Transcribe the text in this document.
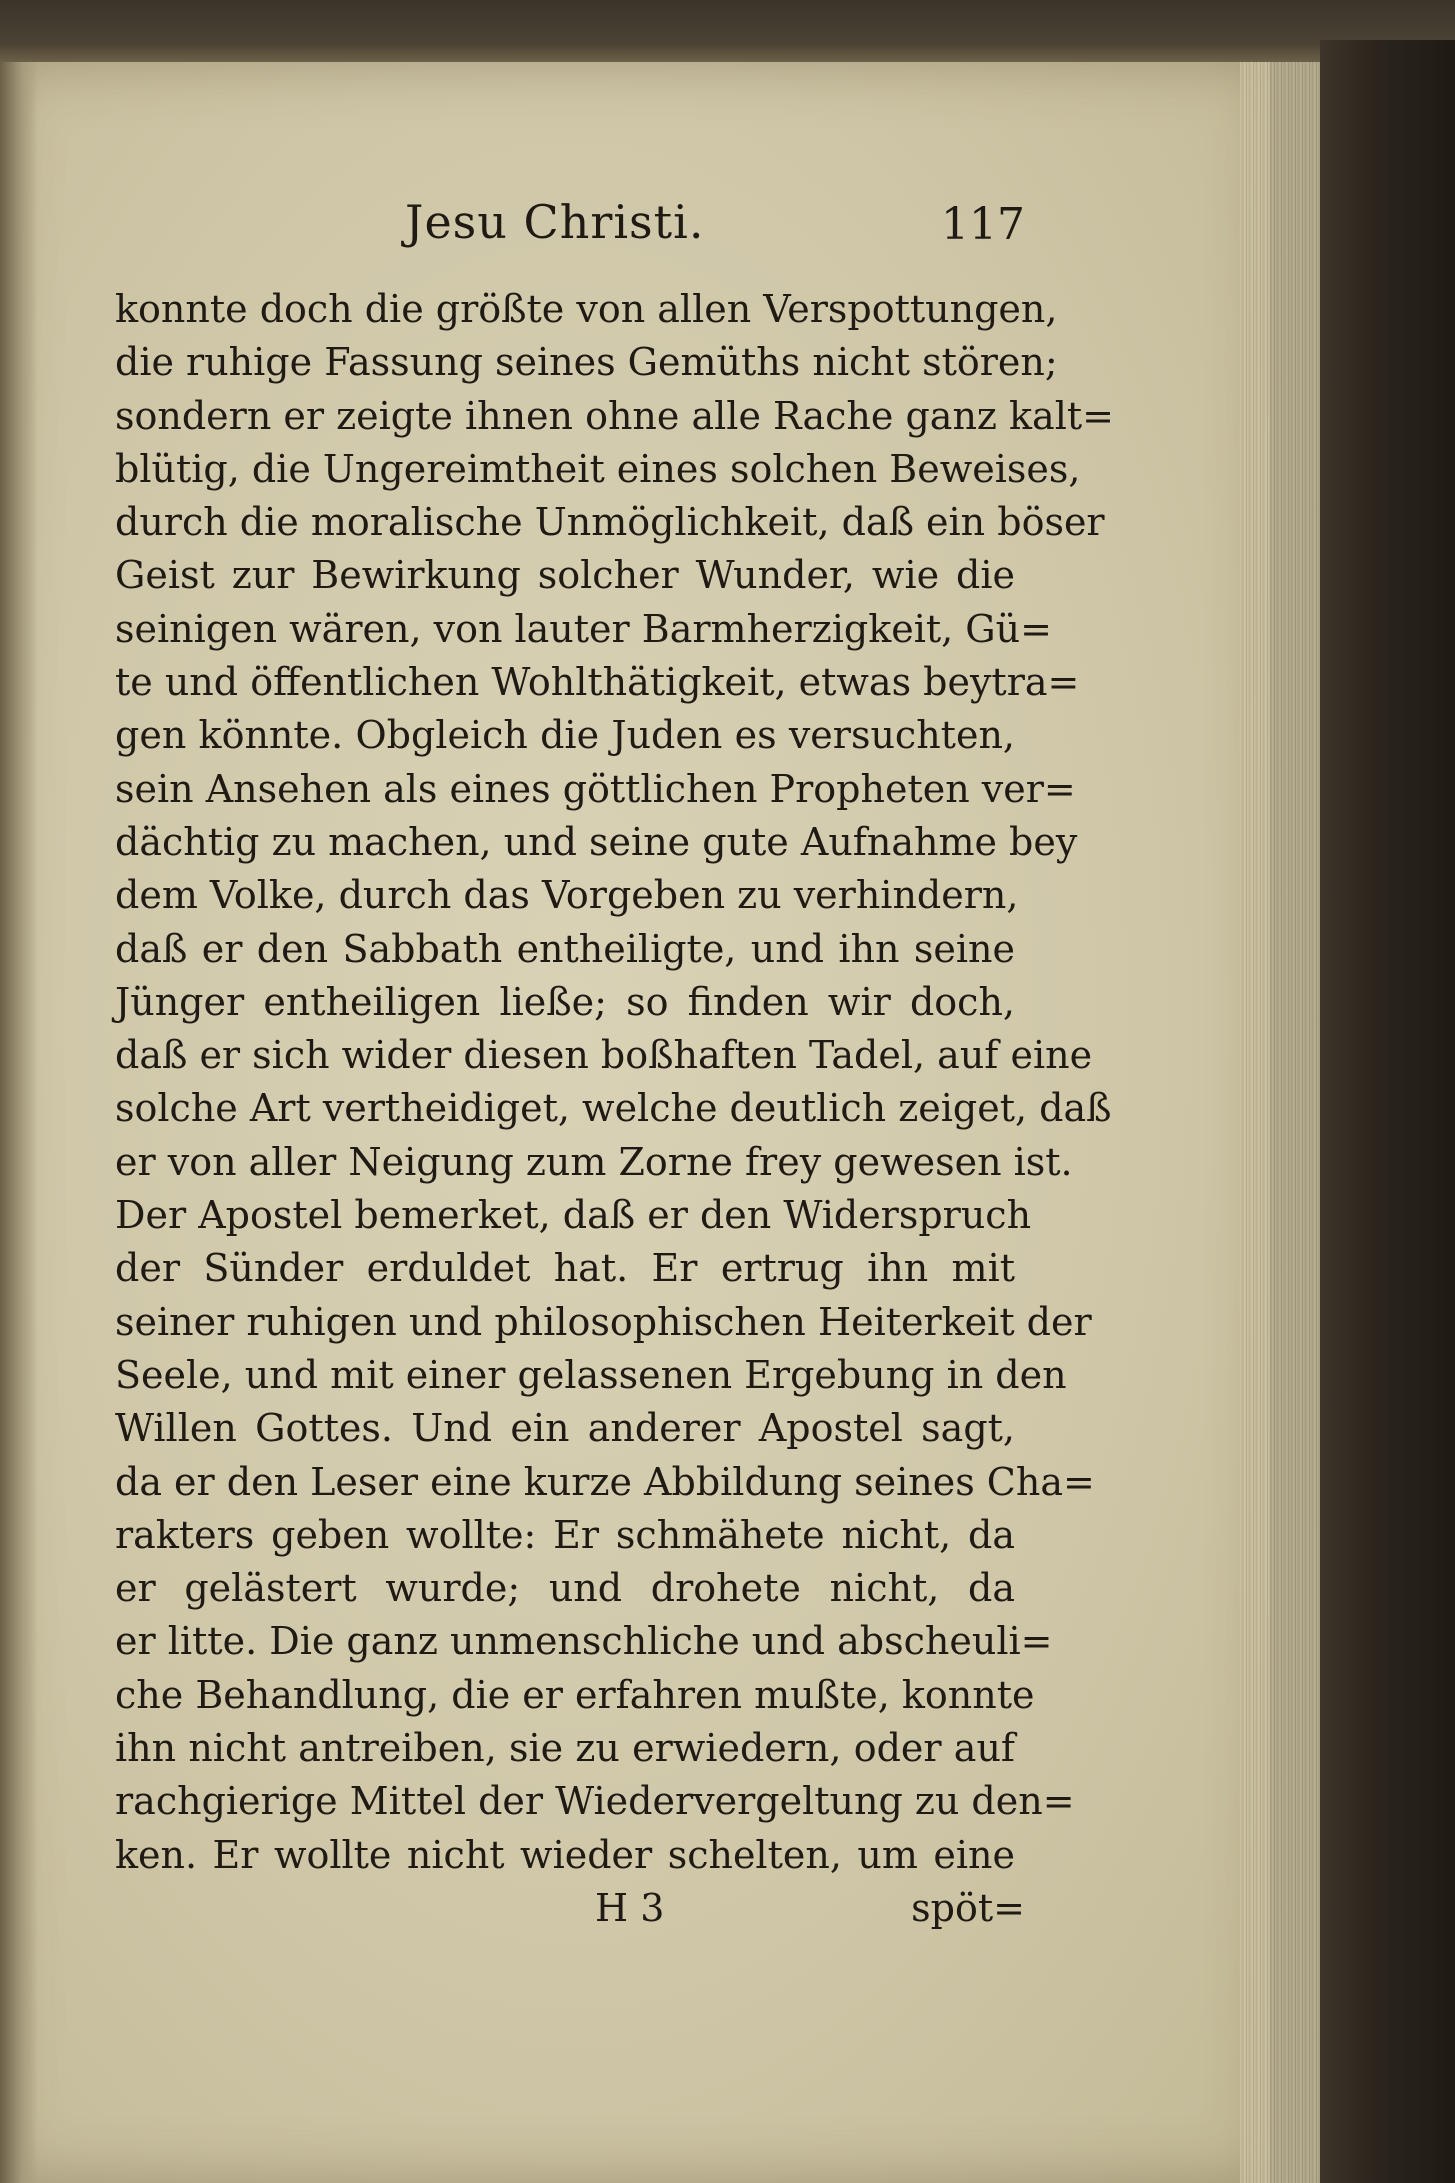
Jesu Christi.	117
konnte doch die größte von allen Verspottungen,
die ruhige Fassung seines Gemüths nicht stören;
sondern er zeigte ihnen ohne alle Rache ganz kalt=
blütig, die Ungereimtheit eines solchen Beweises,
durch die moralische Unmöglichkeit, daß ein böser
Geist zur Bewirkung solcher Wunder, wie die
seinigen wären, von lauter Barmherzigkeit, Gü=
te und öffentlichen Wohlthätigkeit, etwas beytra=
gen könnte. Obgleich die Juden es versuchten,
sein Ansehen als eines göttlichen Propheten ver=
dächtig zu machen, und seine gute Aufnahme bey
dem Volke, durch das Vorgeben zu verhindern,
daß er den Sabbath entheiligte, und ihn seine
Jünger entheiligen ließe; so finden wir doch,
daß er sich wider diesen boßhaften Tadel, auf eine
solche Art vertheidiget, welche deutlich zeiget, daß
er von aller Neigung zum Zorne frey gewesen ist.
Der Apostel bemerket, daß er den Widerspruch
der Sünder erduldet hat. Er ertrug ihn mit
seiner ruhigen und philosophischen Heiterkeit der
Seele, und mit einer gelassenen Ergebung in den
Willen Gottes. Und ein anderer Apostel sagt,
da er den Leser eine kurze Abbildung seines Cha=
rakters geben wollte: Er schmähete nicht, da
er gelästert wurde; und drohete nicht, da
er litte. Die ganz unmenschliche und abscheuli=
che Behandlung, die er erfahren mußte, konnte
ihn nicht antreiben, sie zu erwiedern, oder auf
rachgierige Mittel der Wiedervergeltung zu den=
ken. Er wollte nicht wieder schelten, um eine
H 3	spöt=
